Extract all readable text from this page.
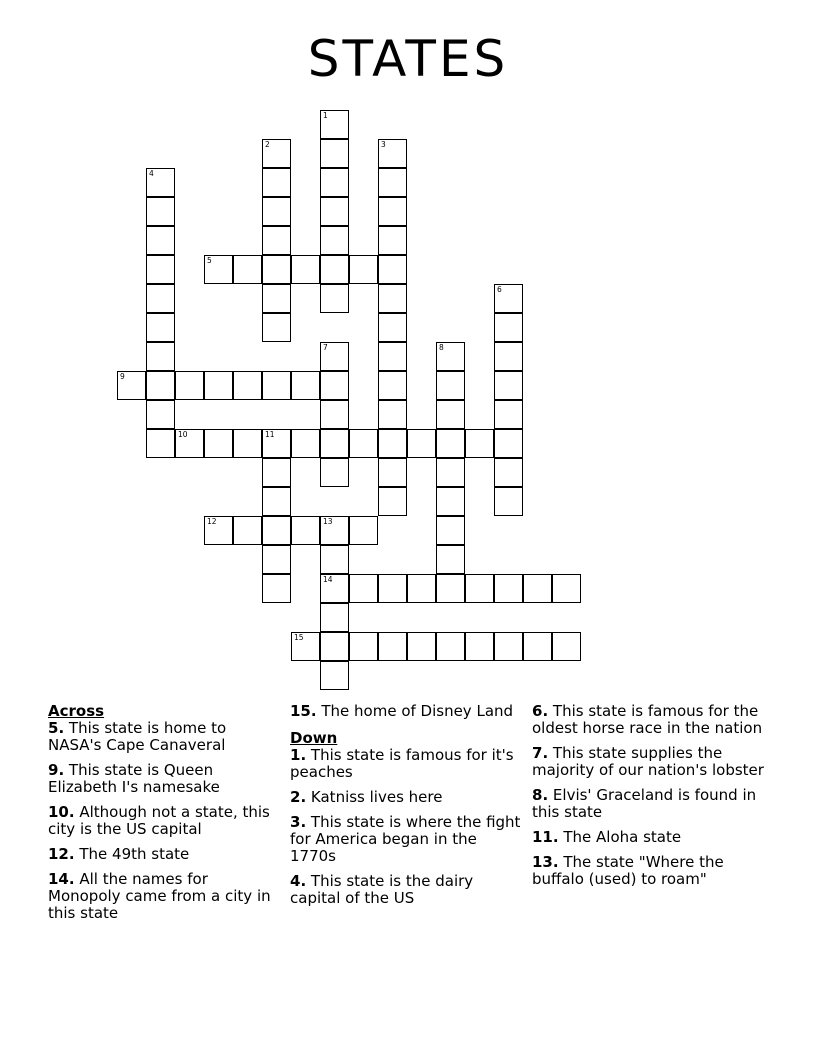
STATES
1
2	3
4
5
6
7	8
9
10	11
12	13
14
15
Across
5. This state is home to NASA's Cape Canaveral
9. This state is Queen Elizabeth I's namesake
10. Although not a state, this city is the US capital
12. The 49th state
14. All the names for Monopoly came from a city in this state
15. The home of Disney Land
Down
1. This state is famous for it's peaches
2. Katniss lives here
3. This state is where the fight for America began in the 1770s
4. This state is the dairy capital of the US
6. This state is famous for the oldest horse race in the nation
7. This state supplies the majority of our nation's lobster
8. Elvis' Graceland is found in this state
11. The Aloha state
13. The state "Where the buffalo (used) to roam"
